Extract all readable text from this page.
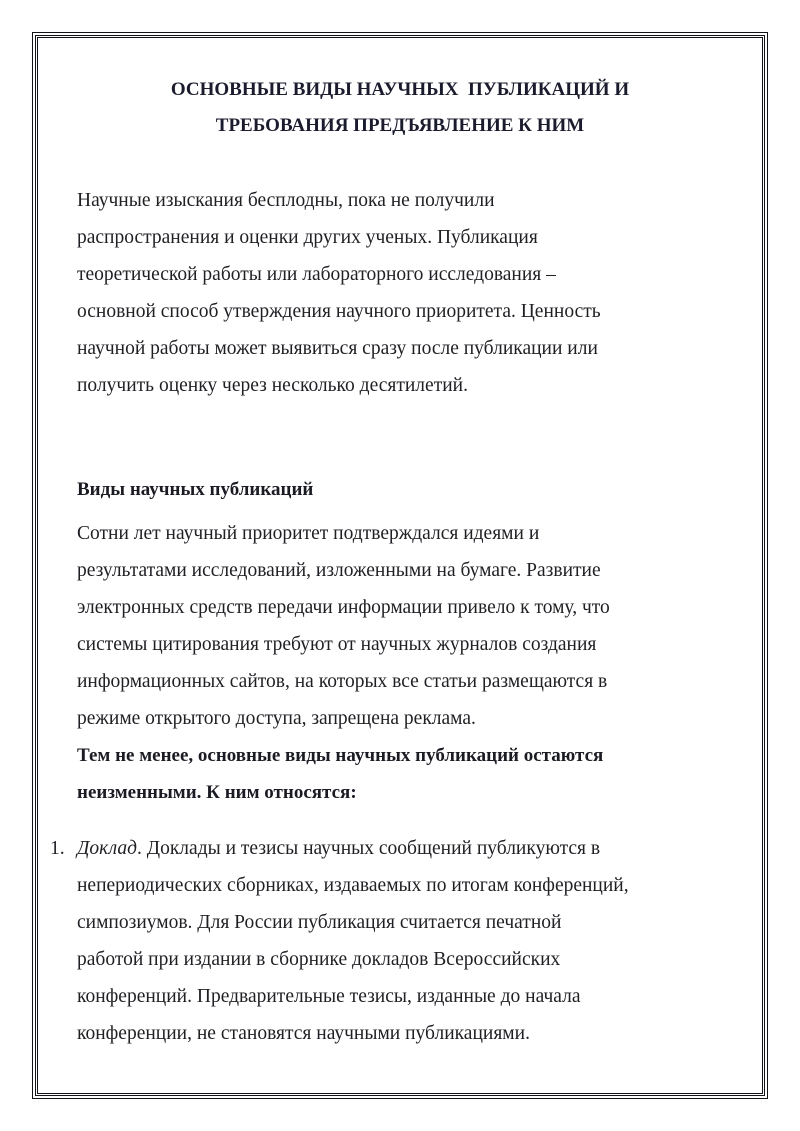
ОСНОВНЫЕ ВИДЫ НАУЧНЫХ  ПУБЛИКАЦИЙ И
ТРЕБОВАНИЯ ПРЕДЪЯВЛЕНИЕ К НИМ

Научные изыскания бесплодны, пока не получили
распространения и оценки других ученых. Публикация
теоретической работы или лабораторного исследования –
основной способ утверждения научного приоритета. Ценность
научной работы может выявиться сразу после публикации или
получить оценку через несколько десятилетий.

Виды научных публикаций

Сотни лет научный приоритет подтверждался идеями и
результатами исследований, изложенными на бумаге. Развитие
электронных средств передачи информации привело к тому, что
системы цитирования требуют от научных журналов создания
информационных сайтов, на которых все статьи размещаются в
режиме открытого доступа, запрещена реклама.

Тем не менее, основные виды научных публикаций остаются
неизменными. К ним относятся:

1. Доклад. Доклады и тезисы научных сообщений публикуются в
непериодических сборниках, издаваемых по итогам конференций,
симпозиумов. Для России публикация считается печатной
работой при издании в сборнике докладов Всероссийских
конференций. Предварительные тезисы, изданные до начала
конференции, не становятся научными публикациями.
